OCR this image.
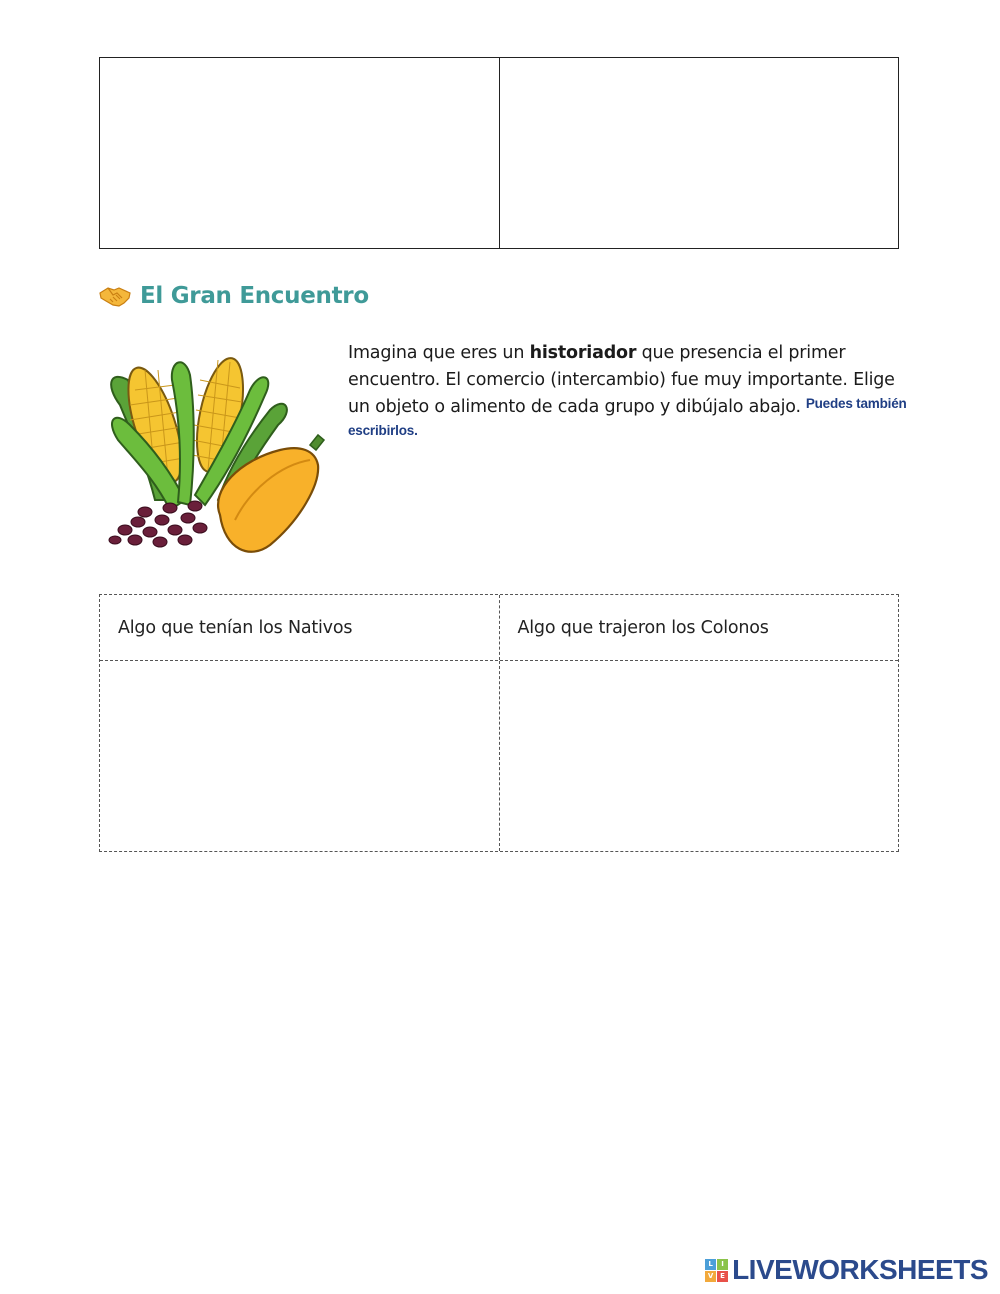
El Gran Encuentro
Imagina que eres un historiador que presencia el primer encuentro. El comercio (intercambio) fue muy importante. Elige un objeto o alimento de cada grupo y dibújalo abajo. $^{Puedes también escribirlos.}$
Algo que tenían los Nativos	Algo que trajeron los Colonos
L	I
V E LIVEWORKSHEETS
